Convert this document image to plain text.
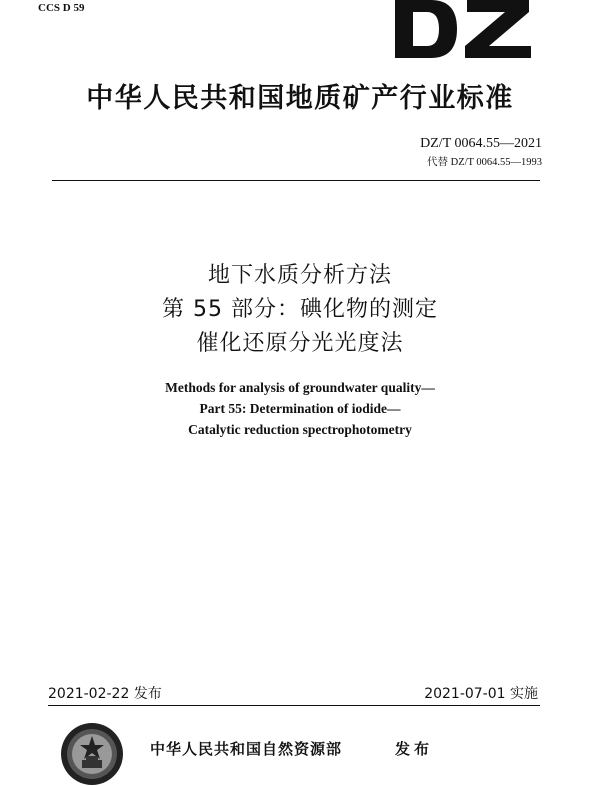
CCS D 59
中华人民共和国地质矿产行业标准
DZ/T 0064.55—2021
代替 DZ/T 0064.55—1993
地下水质分析方法
第 55 部分：碘化物的测定
催化还原分光光度法
Methods for analysis of groundwater quality—
Part 55: Determination of iodide—
Catalytic reduction spectrophotometry
2021-02-22 发布	2021-07-01 实施
中华人民共和国自然资源部	发布
